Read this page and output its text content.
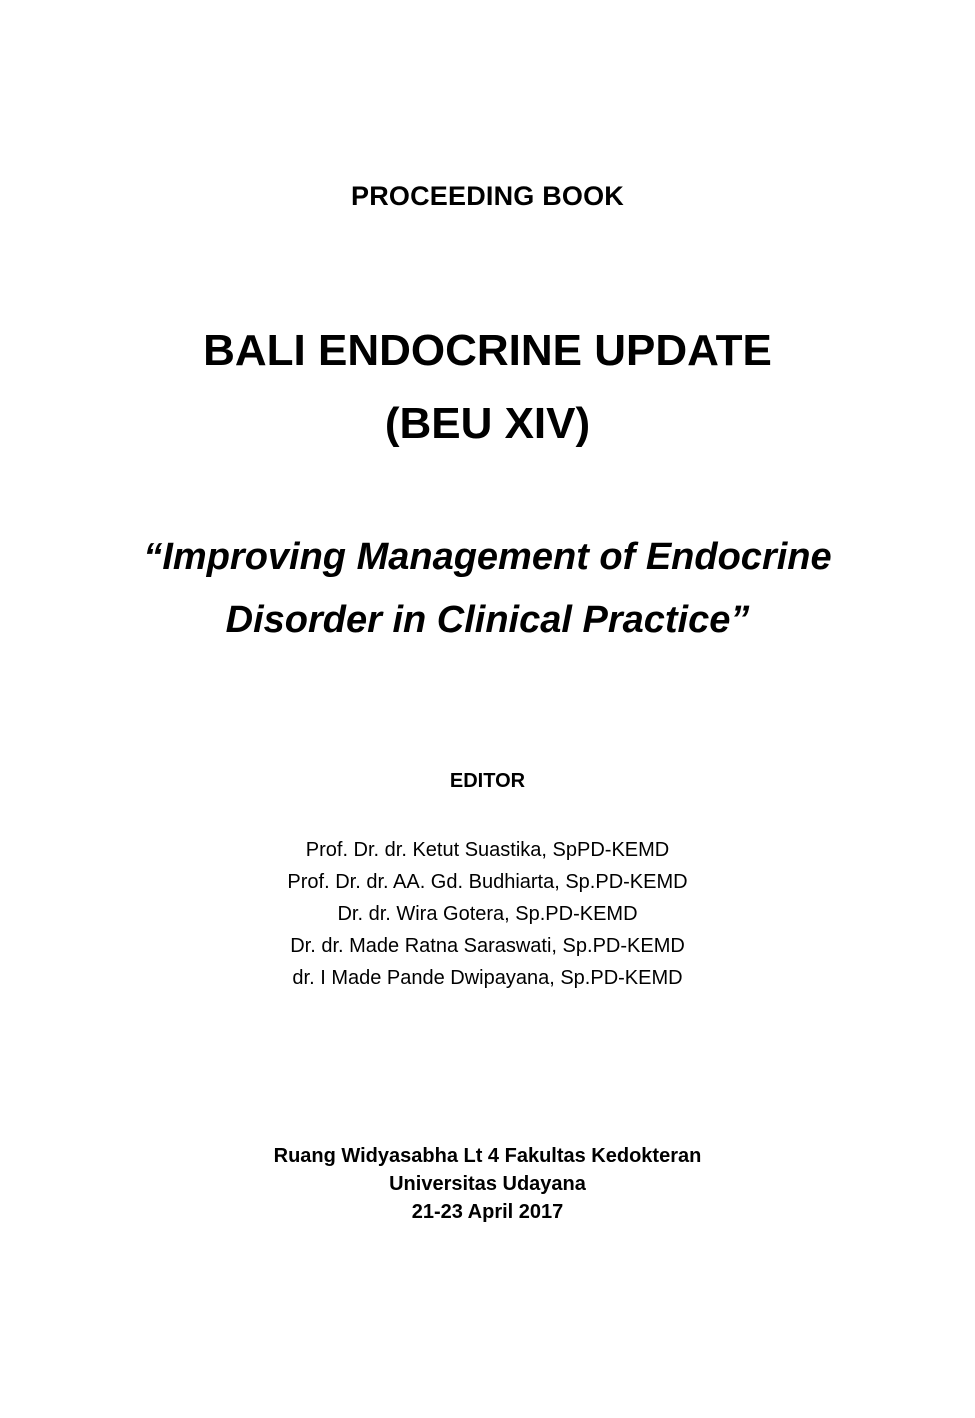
PROCEEDING BOOK
BALI ENDOCRINE UPDATE
(BEU XIV)
“Improving Management of Endocrine
Disorder in Clinical Practice”
EDITOR
Prof. Dr. dr. Ketut Suastika, SpPD-KEMD
Prof. Dr. dr. AA. Gd. Budhiarta, Sp.PD-KEMD
Dr. dr. Wira Gotera, Sp.PD-KEMD
Dr. dr. Made Ratna Saraswati, Sp.PD-KEMD
dr. I Made Pande Dwipayana, Sp.PD-KEMD
Ruang Widyasabha Lt 4 Fakultas Kedokteran
Universitas Udayana
21-23 April 2017
